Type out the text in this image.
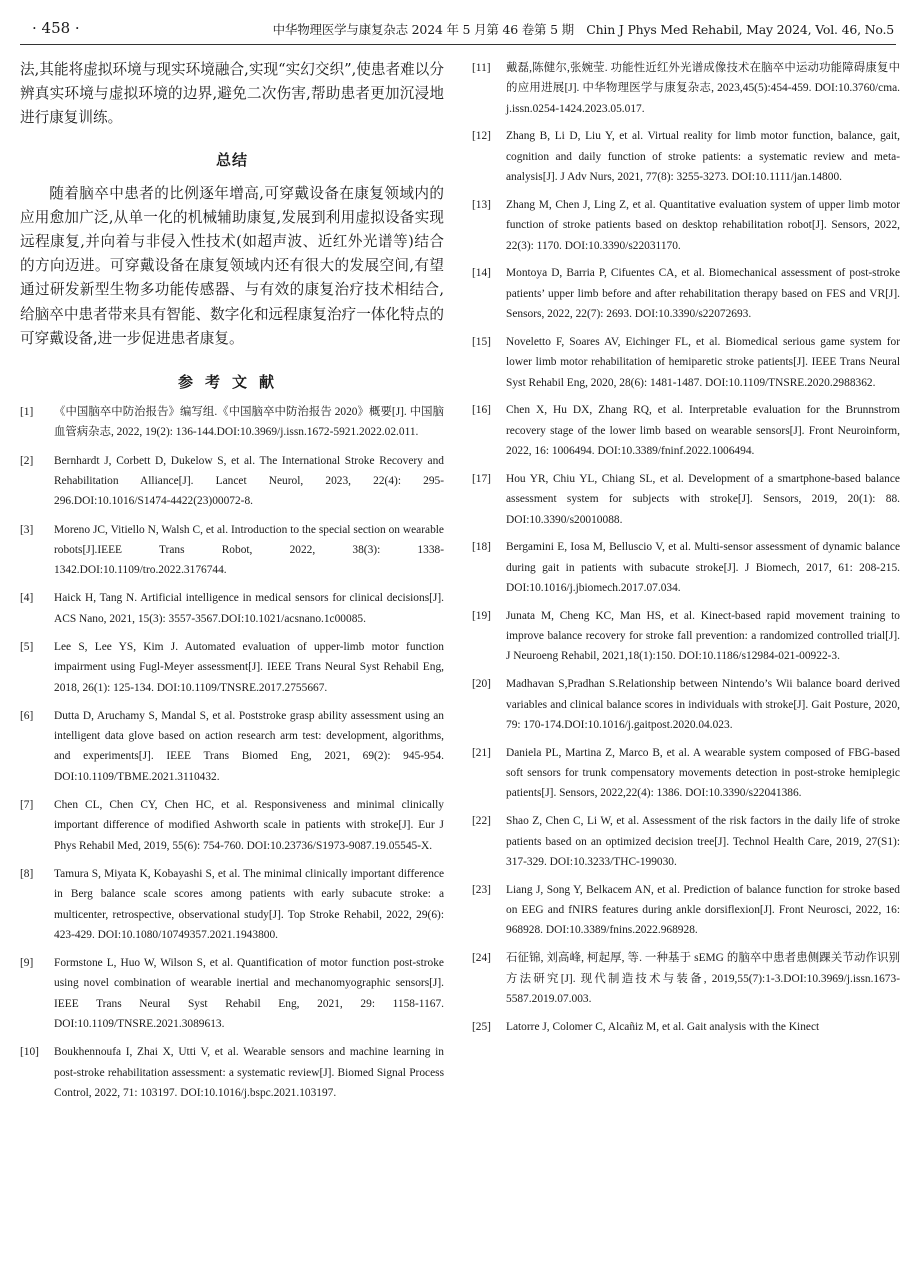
· 458 ·	中华物理医学与康复杂志 2024 年 5 月第 46 卷第 5 期　Chin J Phys Med Rehabil, May 2024, Vol. 46, No.5

法,其能将虚拟环境与现实环境融合,实现“实幻交织”,使患者难以分辨真实环境与虚拟环境的边界,避免二次伤害,帮助患者更加沉浸地进行康复训练。

总结

随着脑卒中患者的比例逐年增高,可穿戴设备在康复领域内的应用愈加广泛,从单一化的机械辅助康复,发展到利用虚拟设备实现远程康复,并向着与非侵入性技术(如超声波、近红外光谱等)结合的方向迈进。可穿戴设备在康复领域内还有很大的发展空间,有望通过研发新型生物多功能传感器、与有效的康复治疗技术相结合,给脑卒中患者带来具有智能、数字化和远程康复治疗一体化特点的可穿戴设备,进一步促进患者康复。

参考文献
[1]	《中国脑卒中防治报告》编写组.《中国脑卒中防治报告 2020》概要[J]. 中国脑血管病杂志, 2022, 19(2): 136-144.DOI:10.3969/j.issn.1672-5921.2022.02.011.
[2]	Bernhardt J, Corbett D, Dukelow S, et al. The International Stroke Recovery and Rehabilitation Alliance[J]. Lancet Neurol, 2023, 22(4): 295-296.DOI:10.1016/S1474-4422(23)00072-8.
[3]	Moreno JC, Vitiello N, Walsh C, et al. Introduction to the special section on wearable robots[J].IEEE Trans Robot, 2022, 38(3): 1338-1342.DOI:10.1109/tro.2022.3176744.
[4]	Haick H, Tang N. Artificial intelligence in medical sensors for clinical decisions[J]. ACS Nano, 2021, 15(3): 3557-3567.DOI:10.1021/acsnano.1c00085.
[5]	Lee S, Lee YS, Kim J. Automated evaluation of upper-limb motor function impairment using Fugl-Meyer assessment[J]. IEEE Trans Neural Syst Rehabil Eng, 2018, 26(1): 125-134. DOI:10.1109/TNSRE.2017.2755667.
[6]	Dutta D, Aruchamy S, Mandal S, et al. Poststroke grasp ability assessment using an intelligent data glove based on action research arm test: development, algorithms, and experiments[J]. IEEE Trans Biomed Eng, 2021, 69(2): 945-954. DOI:10.1109/TBME.2021.3110432.
[7]	Chen CL, Chen CY, Chen HC, et al. Responsiveness and minimal clinically important difference of modified Ashworth scale in patients with stroke[J]. Eur J Phys Rehabil Med, 2019, 55(6): 754-760. DOI:10.23736/S1973-9087.19.05545-X.
[8]	Tamura S, Miyata K, Kobayashi S, et al. The minimal clinically important difference in Berg balance scale scores among patients with early subacute stroke: a multicenter, retrospective, observational study[J]. Top Stroke Rehabil, 2022, 29(6): 423-429. DOI:10.1080/10749357.2021.1943800.
[9]	Formstone L, Huo W, Wilson S, et al. Quantification of motor function post-stroke using novel combination of wearable inertial and mechanomyographic sensors[J]. IEEE Trans Neural Syst Rehabil Eng, 2021, 29: 1158-1167. DOI:10.1109/TNSRE.2021.3089613.
[10]	Boukhennoufa I, Zhai X, Utti V, et al. Wearable sensors and machine learning in post-stroke rehabilitation assessment: a systematic review[J]. Biomed Signal Process Control, 2022, 71: 103197. DOI:10.1016/j.bspc.2021.103197.
[11]	戴磊,陈健尔,张婉莹. 功能性近红外光谱成像技术在脑卒中运动功能障碍康复中的应用进展[J]. 中华物理医学与康复杂志, 2023,45(5):454-459. DOI:10.3760/cma. j.issn.0254-1424.2023.05.017.
[12]	Zhang B, Li D, Liu Y, et al. Virtual reality for limb motor function, balance, gait, cognition and daily function of stroke patients: a systematic review and meta-analysis[J]. J Adv Nurs, 2021, 77(8): 3255-3273. DOI:10.1111/jan.14800.
[13]	Zhang M, Chen J, Ling Z, et al. Quantitative evaluation system of upper limb motor function of stroke patients based on desktop rehabilitation robot[J]. Sensors, 2022, 22(3): 1170. DOI:10.3390/s22031170.
[14]	Montoya D, Barria P, Cifuentes CA, et al. Biomechanical assessment of post-stroke patients’ upper limb before and after rehabilitation therapy based on FES and VR[J]. Sensors, 2022, 22(7): 2693. DOI:10.3390/s22072693.
[15]	Noveletto F, Soares AV, Eichinger FL, et al. Biomedical serious game system for lower limb motor rehabilitation of hemiparetic stroke patients[J]. IEEE Trans Neural Syst Rehabil Eng, 2020, 28(6): 1481-1487. DOI:10.1109/TNSRE.2020.2988362.
[16]	Chen X, Hu DX, Zhang RQ, et al. Interpretable evaluation for the Brunnstrom recovery stage of the lower limb based on wearable sensors[J]. Front Neuroinform, 2022, 16: 1006494. DOI:10.3389/fninf.2022.1006494.
[17]	Hou YR, Chiu YL, Chiang SL, et al. Development of a smartphone-based balance assessment system for subjects with stroke[J]. Sensors, 2019, 20(1): 88. DOI:10.3390/s20010088.
[18]	Bergamini E, Iosa M, Belluscio V, et al. Multi-sensor assessment of dynamic balance during gait in patients with subacute stroke[J]. J Biomech, 2017, 61: 208-215. DOI:10.1016/j.jbiomech.2017.07.034.
[19]	Junata M, Cheng KC, Man HS, et al. Kinect-based rapid movement training to improve balance recovery for stroke fall prevention: a randomized controlled trial[J]. J Neuroeng Rehabil, 2021,18(1):150. DOI:10.1186/s12984-021-00922-3.
[20]	Madhavan S,Pradhan S.Relationship between Nintendo’s Wii balance board derived variables and clinical balance scores in individuals with stroke[J]. Gait Posture, 2020, 79: 170-174.DOI:10.1016/j.gaitpost.2020.04.023.
[21]	Daniela PL, Martina Z, Marco B, et al. A wearable system composed of FBG-based soft sensors for trunk compensatory movements detection in post-stroke hemiplegic patients[J]. Sensors, 2022,22(4): 1386. DOI:10.3390/s22041386.
[22]	Shao Z, Chen C, Li W, et al. Assessment of the risk factors in the daily life of stroke patients based on an optimized decision tree[J]. Technol Health Care, 2019, 27(S1): 317-329. DOI:10.3233/THC-199030.
[23]	Liang J, Song Y, Belkacem AN, et al. Prediction of balance function for stroke based on EEG and fNIRS features during ankle dorsiflexion[J]. Front Neurosci, 2022, 16: 968928. DOI:10.3389/fnins.2022.968928.
[24]	石征锦, 刘高峰, 柯起厚, 等. 一种基于 sEMG 的脑卒中患者患侧踝关节动作识别方法研究[J]. 现代制造技术与装备, 2019,55(7):1-3.DOI:10.3969/j.issn.1673-5587.2019.07.003.
[25]	Latorre J, Colomer C, Alcañiz M, et al. Gait analysis with the Kinect
